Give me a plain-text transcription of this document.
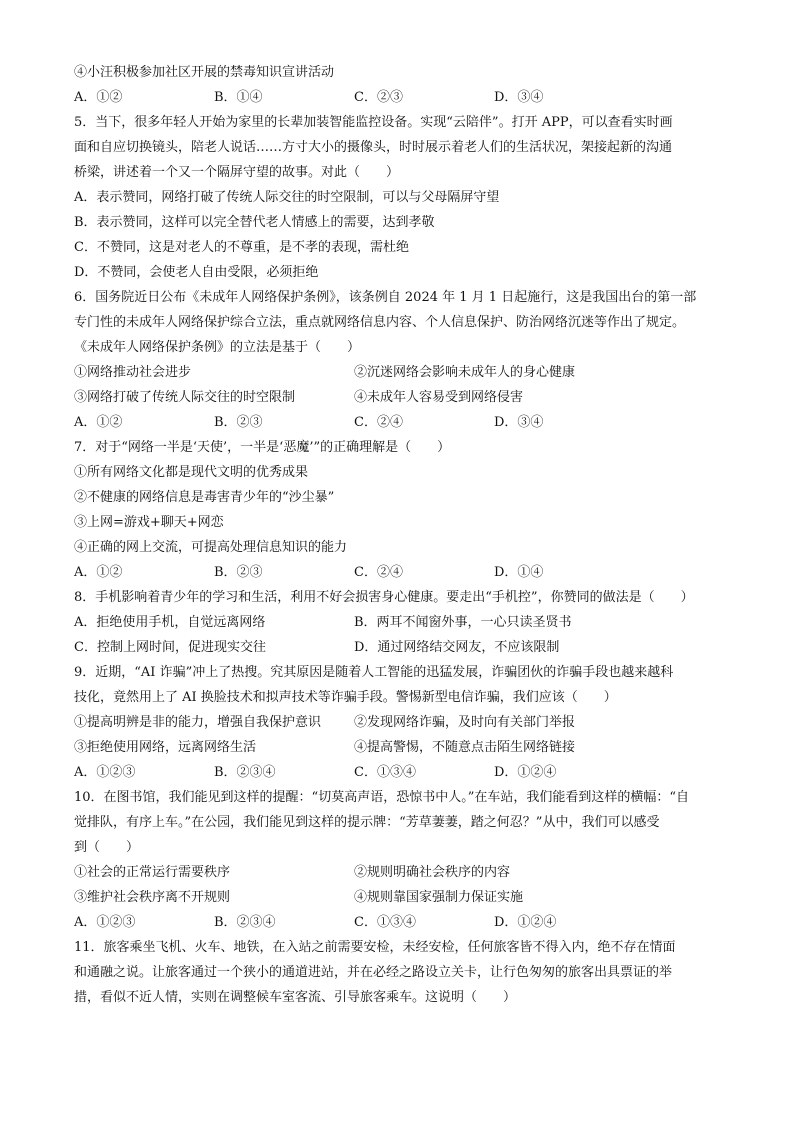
④小汪积极参加社区开展的禁毒知识宣讲活动
A．①②	B．①④	C．②③	D．③④
5．当下，很多年轻人开始为家里的长辈加装智能监控设备。实现“云陪伴”。打开 APP，可以查看实时画
面和自应切换镜头，陪老人说话……方寸大小的摄像头，时时展示着老人们的生活状况，架接起新的沟通
桥梁，讲述着一个又一个隔屏守望的故事。对此（　　）
A．表示赞同，网络打破了传统人际交往的时空限制，可以与父母隔屏守望
B．表示赞同，这样可以完全替代老人情感上的需要，达到孝敬
C．不赞同，这是对老人的不尊重，是不孝的表现，需杜绝
D．不赞同，会使老人自由受限，必须拒绝
6．国务院近日公布《未成年人网络保护条例》，该条例自 2024 年 1 月 1 日起施行，这是我国出台的第一部
专门性的未成年人网络保护综合立法，重点就网络信息内容、个人信息保护、防治网络沉迷等作出了规定。
《未成年人网络保护条例》的立法是基于（　　）
①网络推动社会进步	②沉迷网络会影响未成年人的身心健康
③网络打破了传统人际交往的时空限制	④未成年人容易受到网络侵害
A．①②	B．②③	C．②④	D．③④
7．对于“网络一半是‘天使’，一半是‘恶魔’”的正确理解是（　　）
①所有网络文化都是现代文明的优秀成果
②不健康的网络信息是毒害青少年的“沙尘暴”
③上网=游戏+聊天+网恋
④正确的网上交流，可提高处理信息知识的能力
A．①②	B．②③	C．②④	D．①④
8．手机影响着青少年的学习和生活，利用不好会损害身心健康。要走出“手机控”，你赞同的做法是（　　）
A．拒绝使用手机，自觉远离网络	B．两耳不闻窗外事，一心只读圣贤书
C．控制上网时间，促进现实交往	D．通过网络结交网友，不应该限制
9．近期，“AI 诈骗”冲上了热搜。究其原因是随着人工智能的迅猛发展，诈骗团伙的诈骗手段也越来越科
技化，竟然用上了 AI 换脸技术和拟声技术等诈骗手段。警惕新型电信诈骗，我们应该（　　）
①提高明辨是非的能力，增强自我保护意识	②发现网络诈骗，及时向有关部门举报
③拒绝使用网络，远离网络生活	④提高警惕，不随意点击陌生网络链接
A．①②③	B．②③④	C．①③④	D．①②④
10．在图书馆，我们能见到这样的提醒：“切莫高声语，恐惊书中人。”在车站，我们能看到这样的横幅：“自
觉排队，有序上车。”在公园，我们能见到这样的提示牌：“芳草萋萋，踏之何忍？”从中，我们可以感受
到（　　）
①社会的正常运行需要秩序	②规则明确社会秩序的内容
③维护社会秩序离不开规则	④规则靠国家强制力保证实施
A．①②③	B．②③④	C．①③④	D．①②④
11．旅客乘坐飞机、火车、地铁，在入站之前需要安检，未经安检，任何旅客皆不得入内，绝不存在情面
和通融之说。让旅客通过一个狭小的通道进站，并在必经之路设立关卡，让行色匆匆的旅客出具票证的举
措，看似不近人情，实则在调整候车室客流、引导旅客乘车。这说明（　　）
